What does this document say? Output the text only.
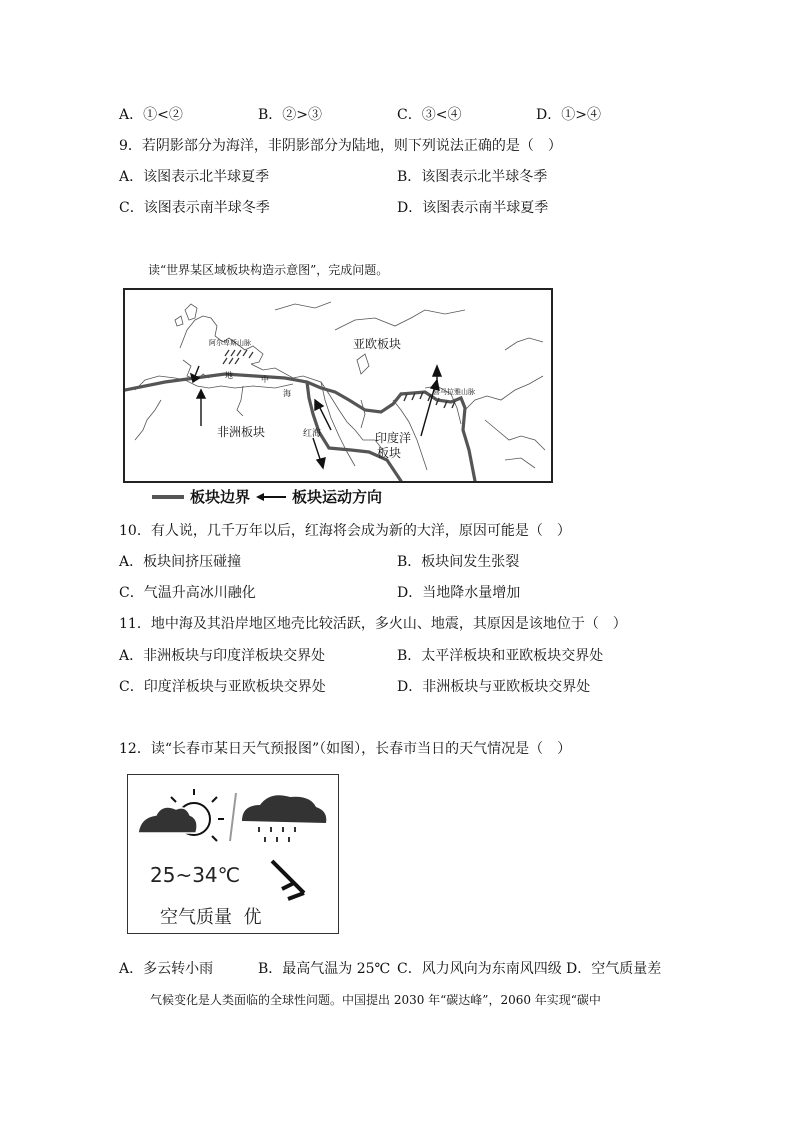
A．①<②	B．②>③	C．③<④	D．①>④
9．若阴影部分为海洋，非阴影部分为陆地，则下列说法正确的是（　）
A．该图表示北半球夏季	B．该图表示北半球冬季
C．该图表示南半球冬季	D．该图表示南半球夏季
读“世界某区域板块构造示意图”，完成问题。
亚欧板块
非洲板块	印度洋
板块
阿尔卑斯山脉
喜马拉雅山脉
红海
地	中
海
板块边界	板块运动方向
10．有人说，几千万年以后，红海将会成为新的大洋，原因可能是（　）
A．板块间挤压碰撞	B．板块间发生张裂
C．气温升高冰川融化	D．当地降水量增加
11．地中海及其沿岸地区地壳比较活跃，多火山、地震，其原因是该地位于（　）
A．非洲板块与印度洋板块交界处	B．太平洋板块和亚欧板块交界处
C．印度洋板块与亚欧板块交界处	D．非洲板块与亚欧板块交界处
12．读“长春市某日天气预报图”（如图），长春市当日的天气情况是（　）
25~34℃
空气质量  优
A．多云转小雨	B．最高气温为 25℃ C．风力风向为东南风四级 D．空气质量差
气候变化是人类面临的全球性问题。中国提出 2030 年“碳达峰”，2060 年实现“碳中
